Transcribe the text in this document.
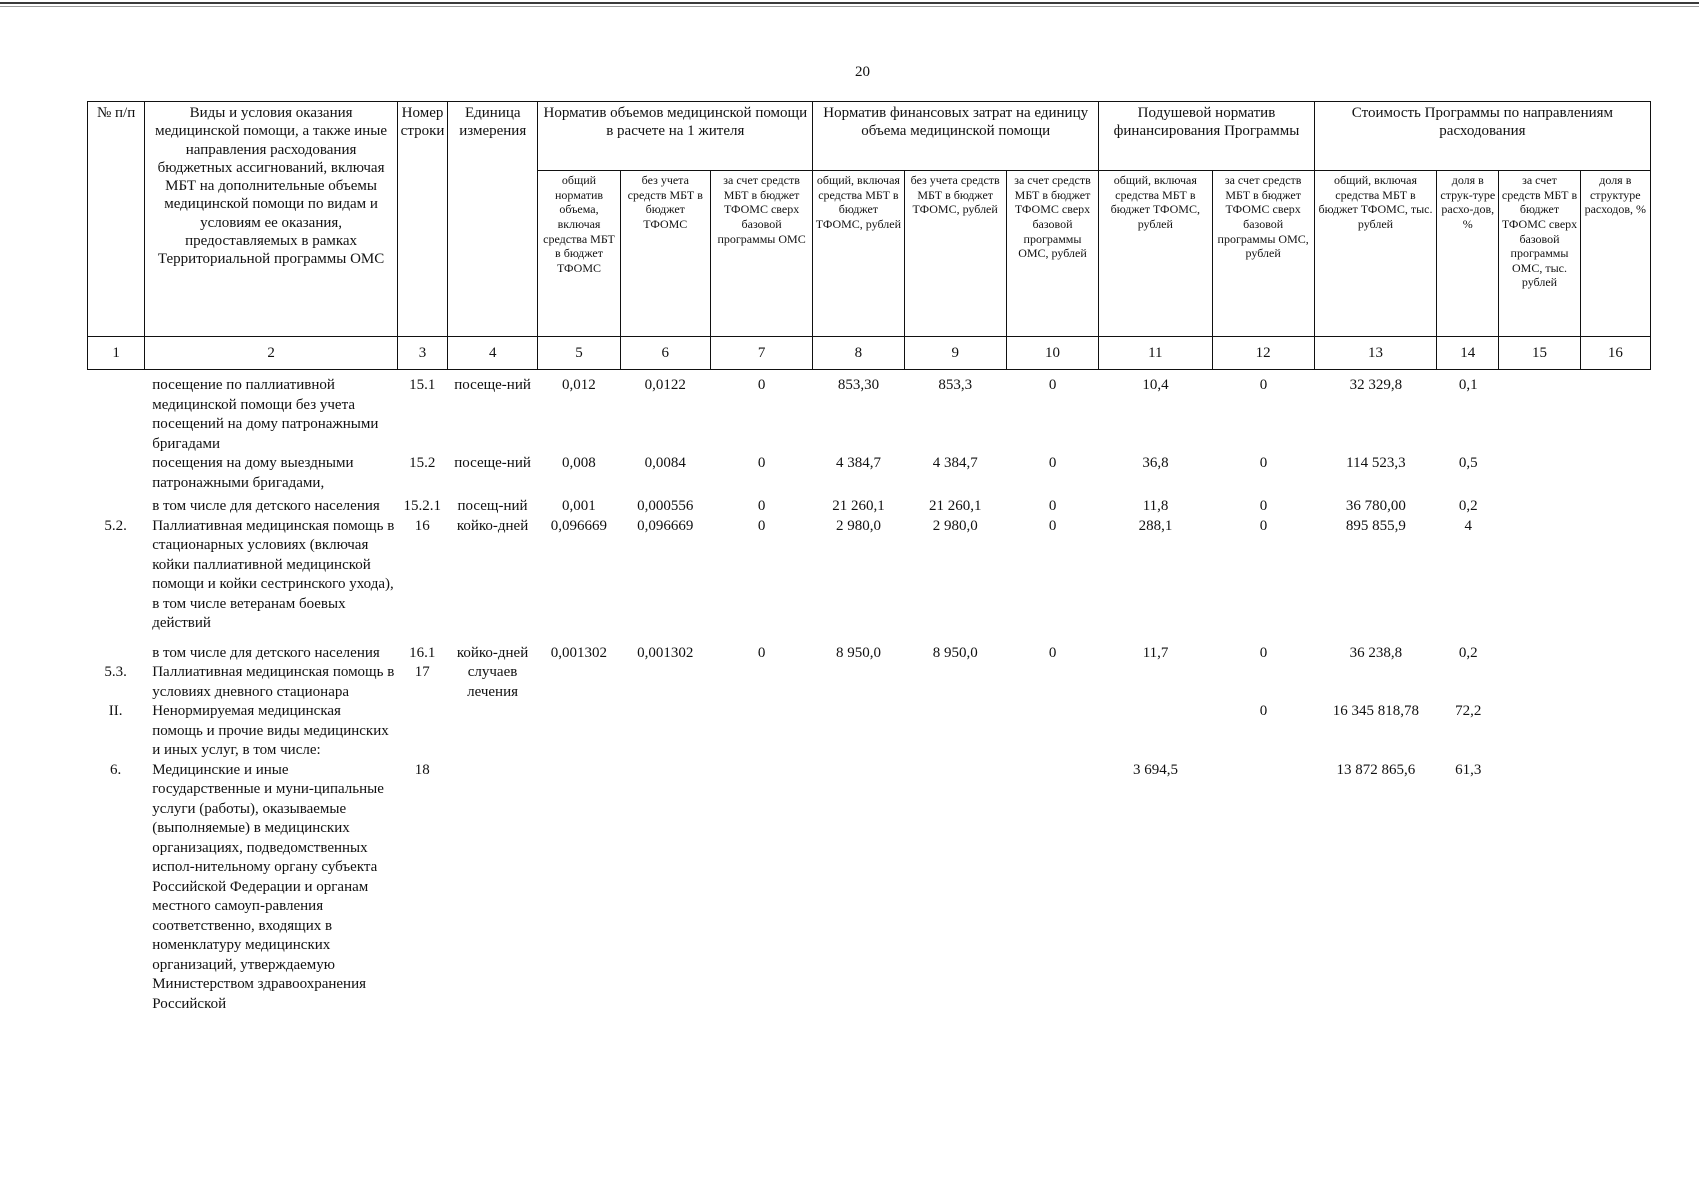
20
№ п/п	Виды и условия оказания медицинской помощи, а также иные направления расходования бюджетных ассигнований, включая МБТ на дополнительные объемы медицинской помощи по видам и условиям ее оказания, предоставляемых в рамках Территориальной программы ОМС	Номер строки	Единица измерения	Норматив объемов медицинской помощи в расчете на 1 жителя			Норматив финансовых затрат на единицу объема медицинской помощи			Подушевой норматив финансирования Программы		Стоимость Программы по направлениям расходования			
				общий норматив объема, включая средства МБТ в бюджет ТФОМС	без учета средств МБТ в бюджет ТФОМС	за счет средств МБТ в бюджет ТФОМС сверх базовой программы ОМС	общий, включая средства МБТ в бюджет ТФОМС, рублей	без учета средств МБТ в бюджет ТФОМС, рублей	за счет средств МБТ в бюджет ТФОМС сверх базовой программы ОМС, рублей	общий, включая средства МБТ в бюджет ТФОМС, рублей	за счет средств МБТ в бюджет ТФОМС сверх базовой программы ОМС, рублей	общий, включая средства МБТ в бюджет ТФОМС, тыс. рублей	доля в струк-туре расхо-дов, %	за счет средств МБТ в бюджет ТФОМС сверх базовой программы ОМС, тыс. рублей	доля в структуре расходов, %
1	2	3	4	5	6	7	8	9	10	11	12	13	14	15	16
	посещение по паллиативной медицинской помощи без учета посещений на дому патронажными бригадами	15.1	посеще-ний	0,012	0,0122	0	853,30	853,3	0	10,4	0	32 329,8	0,1		
	посещения на дому выездными патронажными бригадами,	15.2	посеще-ний	0,008	0,0084	0	4 384,7	4 384,7	0	36,8	0	114 523,3	0,5		
	в том числе для детского населения	15.2.1	посещ-ний	0,001	0,000556	0	21 260,1	21 260,1	0	11,8	0	36 780,00	0,2		
5.2.	Паллиативная медицинская помощь в стационарных условиях (включая койки паллиативной медицинской помощи и койки сестринского ухода), в том числе ветеранам боевых действий	16	койко-дней	0,096669	0,096669	0	2 980,0	2 980,0	0	288,1	0	895 855,9	4		
	в том числе для детского населения	16.1	койко-дней	0,001302	0,001302	0	8 950,0	8 950,0	0	11,7	0	36 238,8	0,2		
5.3.	Паллиативная медицинская помощь в условиях дневного стационара	17	случаев лечения												
II.	Ненормируемая медицинская помощь и прочие виды медицинских и иных услуг, в том числе:										0	16 345 818,78	72,2		
6.	Медицинские и иные государственные и муни-ципальные услуги (работы), оказываемые (выполняемые) в медицинских организациях, подведомственных испол-нительному органу субъекта Российской Федерации и органам местного самоуп-равления соответственно, входящих в номенклатуру медицинских организаций, утверждаемую Министерством здравоохранения Российской	18								3 694,5		13 872 865,6	61,3		
